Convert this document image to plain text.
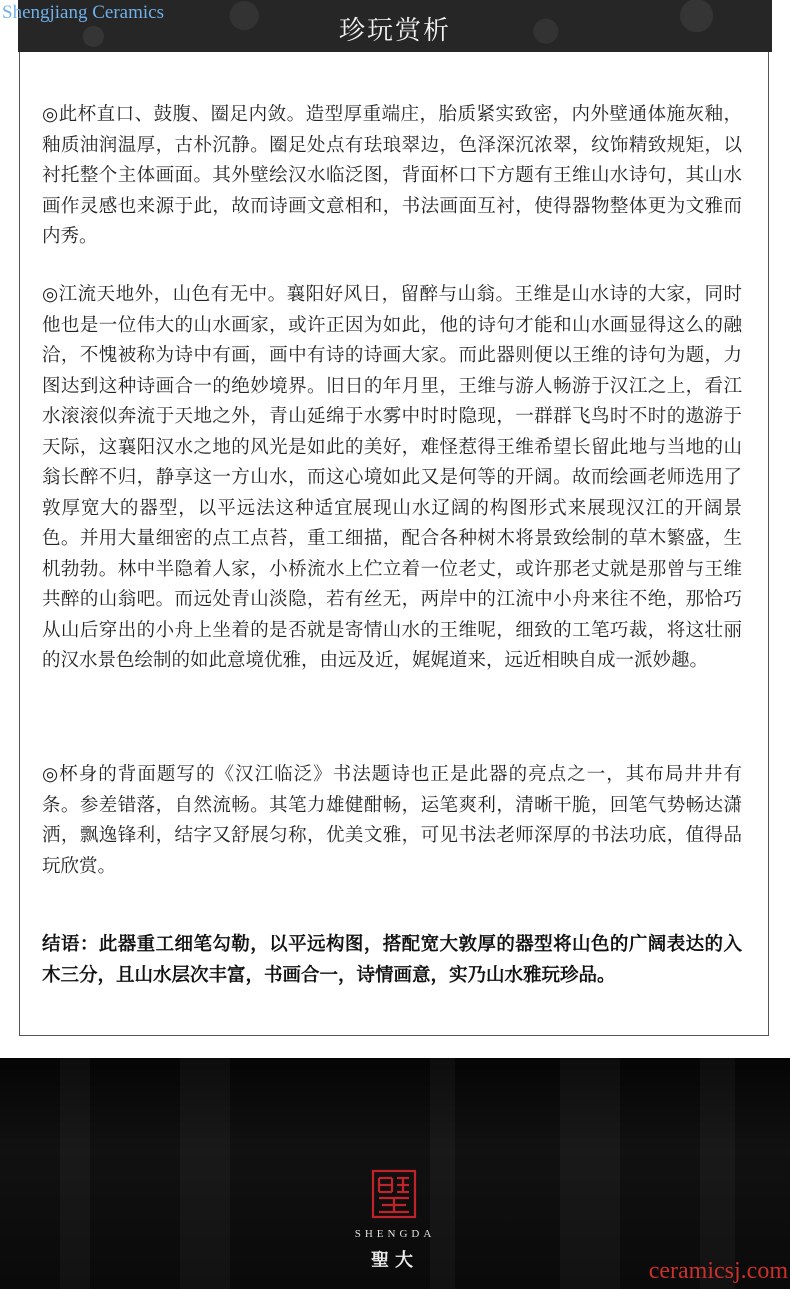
珍玩赏析
Shengjiang Ceramics

◎此杯直口、鼓腹、圈足内敛。造型厚重端庄，胎质紧实致密，内外壁通体施灰釉，釉质油润温厚，古朴沉静。圈足处点有珐琅翠边，色泽深沉浓翠，纹饰精致规矩，以衬托整个主体画面。其外壁绘汉水临泛图，背面杯口下方题有王维山水诗句，其山水画作灵感也来源于此，故而诗画文意相和，书法画面互衬，使得器物整体更为文雅而内秀。

◎江流天地外，山色有无中。襄阳好风日，留醉与山翁。王维是山水诗的大家，同时他也是一位伟大的山水画家，或许正因为如此，他的诗句才能和山水画显得这么的融洽，不愧被称为诗中有画，画中有诗的诗画大家。而此器则便以王维的诗句为题，力图达到这种诗画合一的绝妙境界。旧日的年月里，王维与游人畅游于汉江之上，看江水滚滚似奔流于天地之外，青山延绵于水雾中时时隐现，一群群飞鸟时不时的遨游于天际，这襄阳汉水之地的风光是如此的美好，难怪惹得王维希望长留此地与当地的山翁长醉不归，静享这一方山水，而这心境如此又是何等的开阔。故而绘画老师选用了敦厚宽大的器型，以平远法这种适宜展现山水辽阔的构图形式来展现汉江的开阔景色。并用大量细密的点工点苔，重工细描，配合各种树木将景致绘制的草木繁盛，生机勃勃。林中半隐着人家，小桥流水上伫立着一位老丈，或许那老丈就是那曾与王维共醉的山翁吧。而远处青山淡隐，若有丝无，两岸中的江流中小舟来往不绝，那恰巧从山后穿出的小舟上坐着的是否就是寄情山水的王维呢，细致的工笔巧裁，将这壮丽的汉水景色绘制的如此意境优雅，由远及近，娓娓道来，远近相映自成一派妙趣。

◎杯身的背面题写的《汉江临泛》书法题诗也正是此器的亮点之一，其布局井井有条。参差错落，自然流畅。其笔力雄健酣畅，运笔爽利，清晰干脆，回笔气势畅达潇洒，飘逸锋利，结字又舒展匀称，优美文雅，可见书法老师深厚的书法功底，值得品玩欣赏。

结语：此器重工细笔勾勒，以平远构图，搭配宽大敦厚的器型将山色的广阔表达的入木三分，且山水层次丰富，书画合一，诗情画意，实乃山水雅玩珍品。

SHENGDA
聖大	ceramicsj.com
